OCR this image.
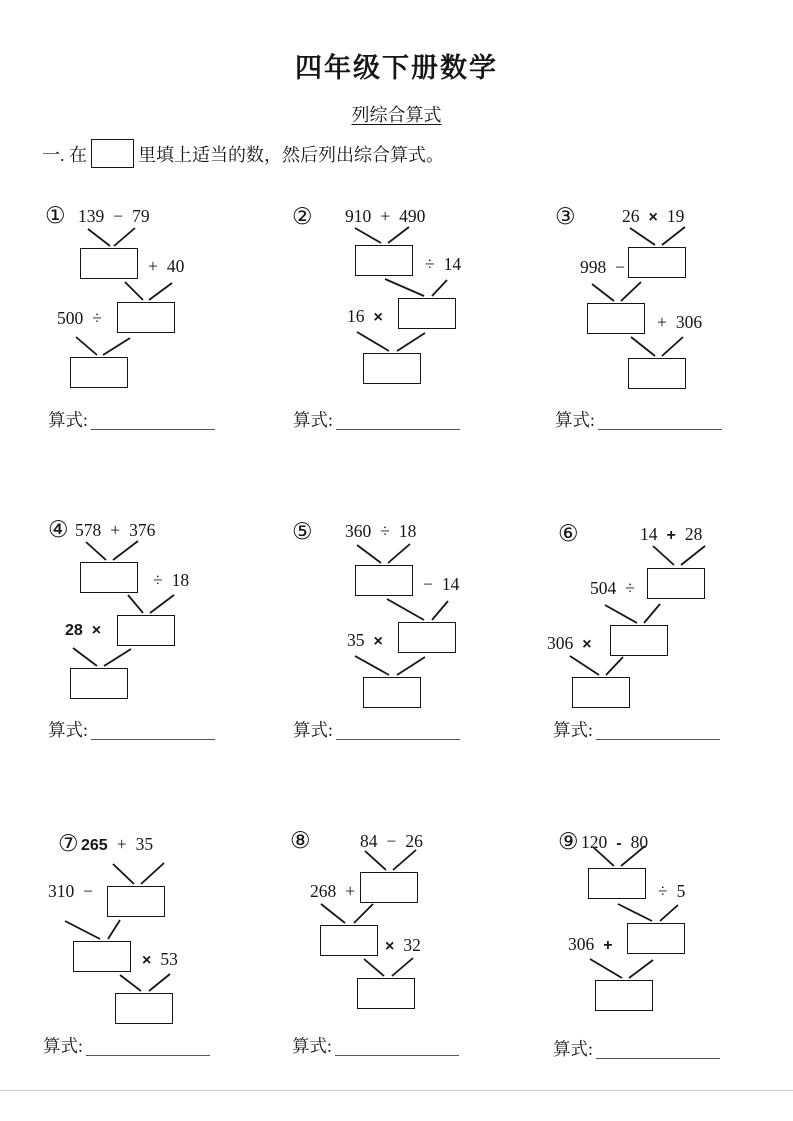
四年级下册数学
列综合算式
一. 在	里填上适当的数，然后列出综合算式。
① 139 − 79
+ 40
500 ÷
算式:
② 910 + 490
÷ 14
16 ×
算式:
③	26 × 19
998 −
+ 306
算式:
④ 578 + 376
÷ 18
28 ×
算式:
⑤ 360 ÷ 18
− 14
35 ×
算式:
⑥	14 + 28
504 ÷
306 ×
算式:
⑦ 265 + 35
310 −
× 53
算式:
⑧	84 − 26
268 +
× 32
算式:
⑨ 120 - 80
÷ 5
306 +
算式:
